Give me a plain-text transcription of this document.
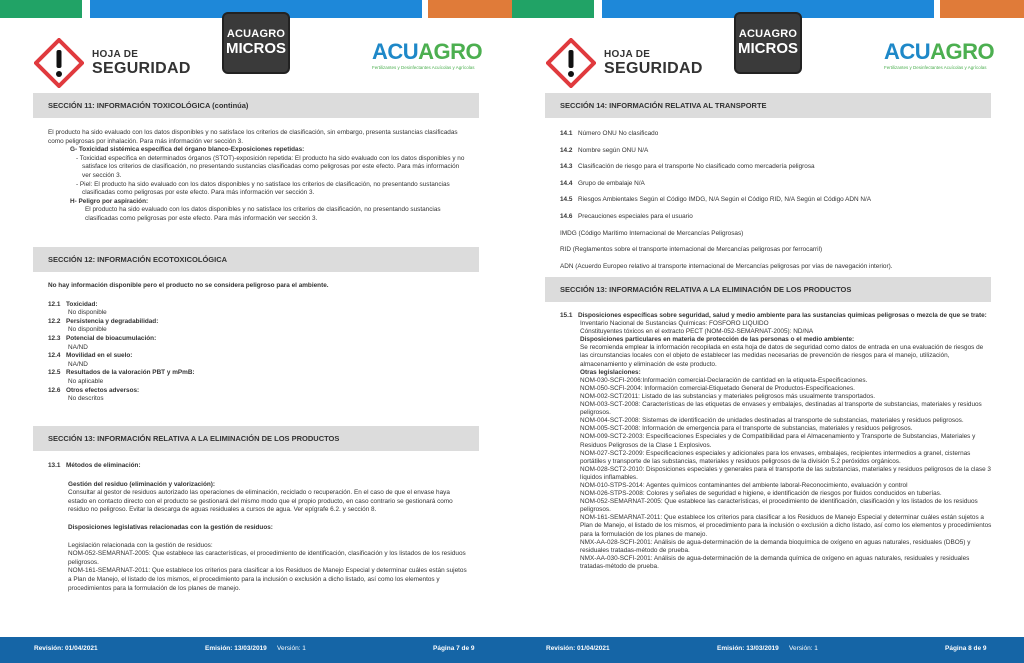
HOJA DE
SEGURIDAD
ACUAGRO
MICROS	ACUAGRO
Fertilizantes y Desinfectantes Acuícolas y Agrícolas
SECCIÓN 11: INFORMACIÓN TOXICOLÓGICA (continúa)
El producto ha sido evaluado con los datos disponibles y no satisface los criterios de clasificación, sin embargo, presenta sustancias clasificadas como peligrosas por inhalación. Para más información ver sección 3.
G- Toxicidad sistémica específica del órgano blanco-Exposiciones repetidas:
- Toxicidad específica en determinados órganos (STOT)-exposición repetida: El producto ha sido evaluado con los datos disponibles y no satisface los criterios de clasificación, no presentando sustancias clasificadas como peligrosas por este efecto. Para más información ver sección 3.
- Piel: El producto ha sido evaluado con los datos disponibles y no satisface los criterios de clasificación, no presentando sustancias clasificadas como peligrosas por este efecto. Para más información ver sección 3.
H- Peligro por aspiración:
El producto ha sido evaluado con los datos disponibles y no satisface los criterios de clasificación, no presentando sustancias clasificadas como peligrosas por este efecto. Para más información ver sección 3.
SECCIÓN 12: INFORMACIÓN ECOTOXICOLÓGICA
No hay información disponible pero el producto no se considera peligroso para el ambiente.
12.1 Toxicidad:
No disponible
12.2 Persistencia y degradabilidad:
No disponible
12.3 Potencial de bioacumulación:
NA/ND
12.4 Movilidad en el suelo:
NA/ND
12.5 Resultados de la valoración PBT y mPmB:
No aplicable
12.6 Otros efectos adversos:
No descritos
SECCIÓN 13: INFORMACIÓN RELATIVA A LA ELIMINACIÓN DE LOS PRODUCTOS
13.1 Métodos de eliminación:
Gestión del residuo (eliminación y valorización):
Consultar al gestor de residuos autorizado las operaciones de eliminación, reciclado o recuperación. En el caso de que el envase haya estado en contacto directo con el producto se gestionará del mismo modo que el propio producto, en caso contrario se gestionará como residuo no peligroso. Evitar la descarga de aguas residuales a cursos de agua. Ver epígrafe 6.2. y sección 8.
Disposiciones legislativas relacionadas con la gestión de residuos:
Legislación relacionada con la gestión de residuos:
NOM-052-SEMARNAT-2005: Que establece las características, el procedimiento de identificación, clasificación y los listados de los residuos peligrosos.
NOM-161-SEMARNAT-2011: Que establece los criterios para clasificar a los Residuos de Manejo Especial y determinar cuáles están sujetos a Plan de Manejo, el listado de los mismos, el procedimiento para la inclusión o exclusión a dicho listado, así como los elementos y procedimientos para la formulación de los planes de manejo.
Revisión: 01/04/2021	Emisión: 13/03/2019 Versión: 1	Página 7 de 9
HOJA DE
SEGURIDAD
ACUAGRO
MICROS	ACUAGRO
Fertilizantes y Desinfectantes Acuícolas y Agrícolas
SECCIÓN 14: INFORMACIÓN RELATIVA AL TRANSPORTE
14.1 Número ONU No clasificado
14.2 Nombre según ONU N/A
14.3 Clasificación de riesgo para el transporte No clasificado como mercadería peligrosa
14.4 Grupo de embalaje N/A
14.5 Riesgos Ambientales Según el Código IMDG, N/A Según el Código RID, N/A Según el Código ADN N/A
14.6 Precauciones especiales para el usuario
IMDG (Código Marítimo Internacional de Mercancías Peligrosas)
RID (Reglamentos sobre el transporte internacional de Mercancías peligrosas por ferrocarril)
ADN (Acuerdo Europeo relativo al transporte internacional de Mercancías peligrosas por vías de navegación interior).
SECCIÓN 13: INFORMACIÓN RELATIVA A LA ELIMINACIÓN DE LOS PRODUCTOS
15.1 Disposiciones específicas sobre seguridad, salud y medio ambiente para las sustancias químicas peligrosas o mezcla de que se trate:
Inventario Nacional de Sustancias Químicas: FOSFORO LIQUIDO
Cónstituyentes tóxicos en el extracto PECT (NOM-052-SEMARNAT-2005): ND/NA
Disposiciones particulares en materia de protección de las personas o el medio ambiente:
Se recomienda emplear la información recopilada en esta hoja de datos de seguridad como datos de entrada en una evaluación de riesgos de las circunstancias locales con el objeto de establecer las medidas necesarias de prevención de riesgos para el manejo, utilización, almacenamiento y eliminación de este producto.
Otras legislaciones:
NOM-030-SCFI-2006:Información comercial-Declaración de cantidad en la etiqueta-Especificaciones.
NOM-050-SCFI-2004: Información comercial-Etiquetado General de Productos-Especificaciones.
NOM-002-SCT/2011: Listado de las substancias y materiales peligrosos más usualmente transportados.
NOM-003-SCT-2008: Características de las etiquetas de envases y embalajes, destinadas al transporte de substancias, materiales y residuos peligrosos.
NOM-004-SCT-2008: Sistemas de identificación de unidades destinadas al transporte de substancias, materiales y residuos peligrosos.
NOM-005-SCT-2008: Información de emergencia para el transporte de substancias, materiales y residuos peligrosos.
NOM-009-SCT2-2003: Especificaciones Especiales y de Compatibilidad para el Almacenamiento y Transporte de Substancias, Materiales y Residuos Peligrosos de la Clase 1 Explosivos.
NOM-027-SCT2-2009: Especificaciones especiales y adicionales para los envases, embalajes, recipientes intermedios a granel, cisternas portátiles y transporte de las substancias, materiales y residuos peligrosos de la división 5.2 peróxidos orgánicos.
NOM-028-SCT2-2010: Disposiciones especiales y generales para el transporte de las substancias, materiales y residuos peligrosos de la clase 3 líquidos inflamables.
NOM-010-STPS-2014: Agentes químicos contaminantes del ambiente laboral-Reconocimiento, evaluación y control
NOM-026-STPS-2008: Colores y señales de seguridad e higiene, e identificación de riesgos por fluidos conducidos en tuberías.
NOM-052-SEMARNAT-2005: Que establece las características, el procedimiento de identificación, clasificación y los listados de los residuos peligrosos.
NOM-161-SEMARNAT-2011: Que establece los criterios para clasificar a los Residuos de Manejo Especial y determinar cuáles están sujetos a Plan de Manejo, el listado de los mismos, el procedimiento para la inclusión o exclusión a dicho listado, así como los elementos y procedimientos para la formulación de los planes de manejo.
NMX-AA-028-SCFI-2001: Análisis de agua-determinación de la demanda bioquímica de oxígeno en aguas naturales, residuales (DBO5) y residuales tratadas-método de prueba.
NMX-AA-030-SCFI-2001: Análisis de agua-determinación de la demanda química de oxígeno en aguas naturales, residuales y residuales tratadas-método de prueba.
Revisión: 01/04/2021	Emisión: 13/03/2019 Versión: 1	Página 8 de 9
